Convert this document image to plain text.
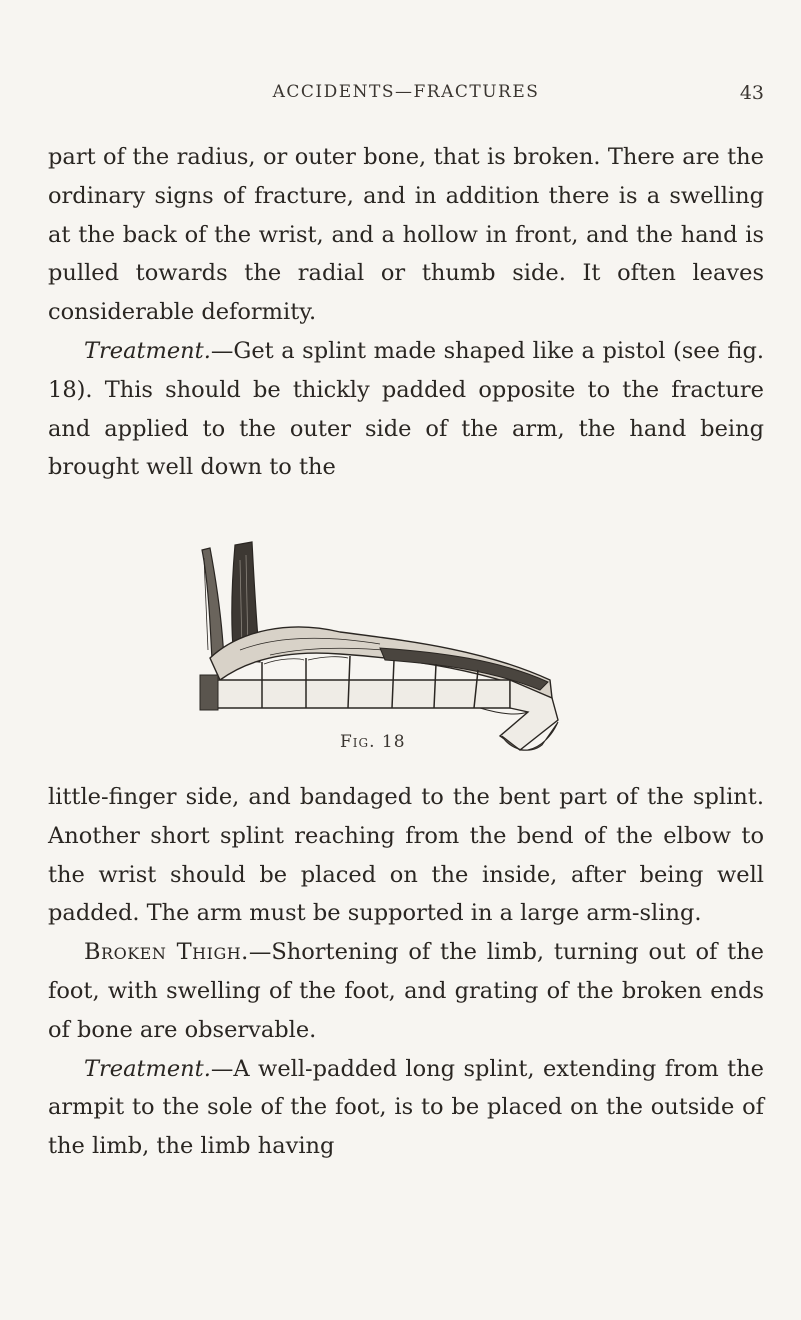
ACCIDENTS—FRACTURES	43

part of the radius, or outer bone, that is broken. There are the ordinary signs of fracture, and in addition there is a swelling at the back of the wrist, and a hollow in front, and the hand is pulled towards the radial or thumb side. It often leaves considerable deformity.

Treatment.—Get a splint made shaped like a pistol (see fig. 18). This should be thickly padded opposite to the fracture and applied to the outer side of the arm, the hand being brought well down to the

Fig. 18

little-finger side, and bandaged to the bent part of the splint. Another short splint reaching from the bend of the elbow to the wrist should be placed on the inside, after being well padded. The arm must be supported in a large arm-sling.

Broken Thigh.—Shortening of the limb, turning out of the foot, with swelling of the foot, and grating of the broken ends of bone are observable.

Treatment.—A well-padded long splint, extending from the armpit to the sole of the foot, is to be placed on the outside of the limb, the limb having
